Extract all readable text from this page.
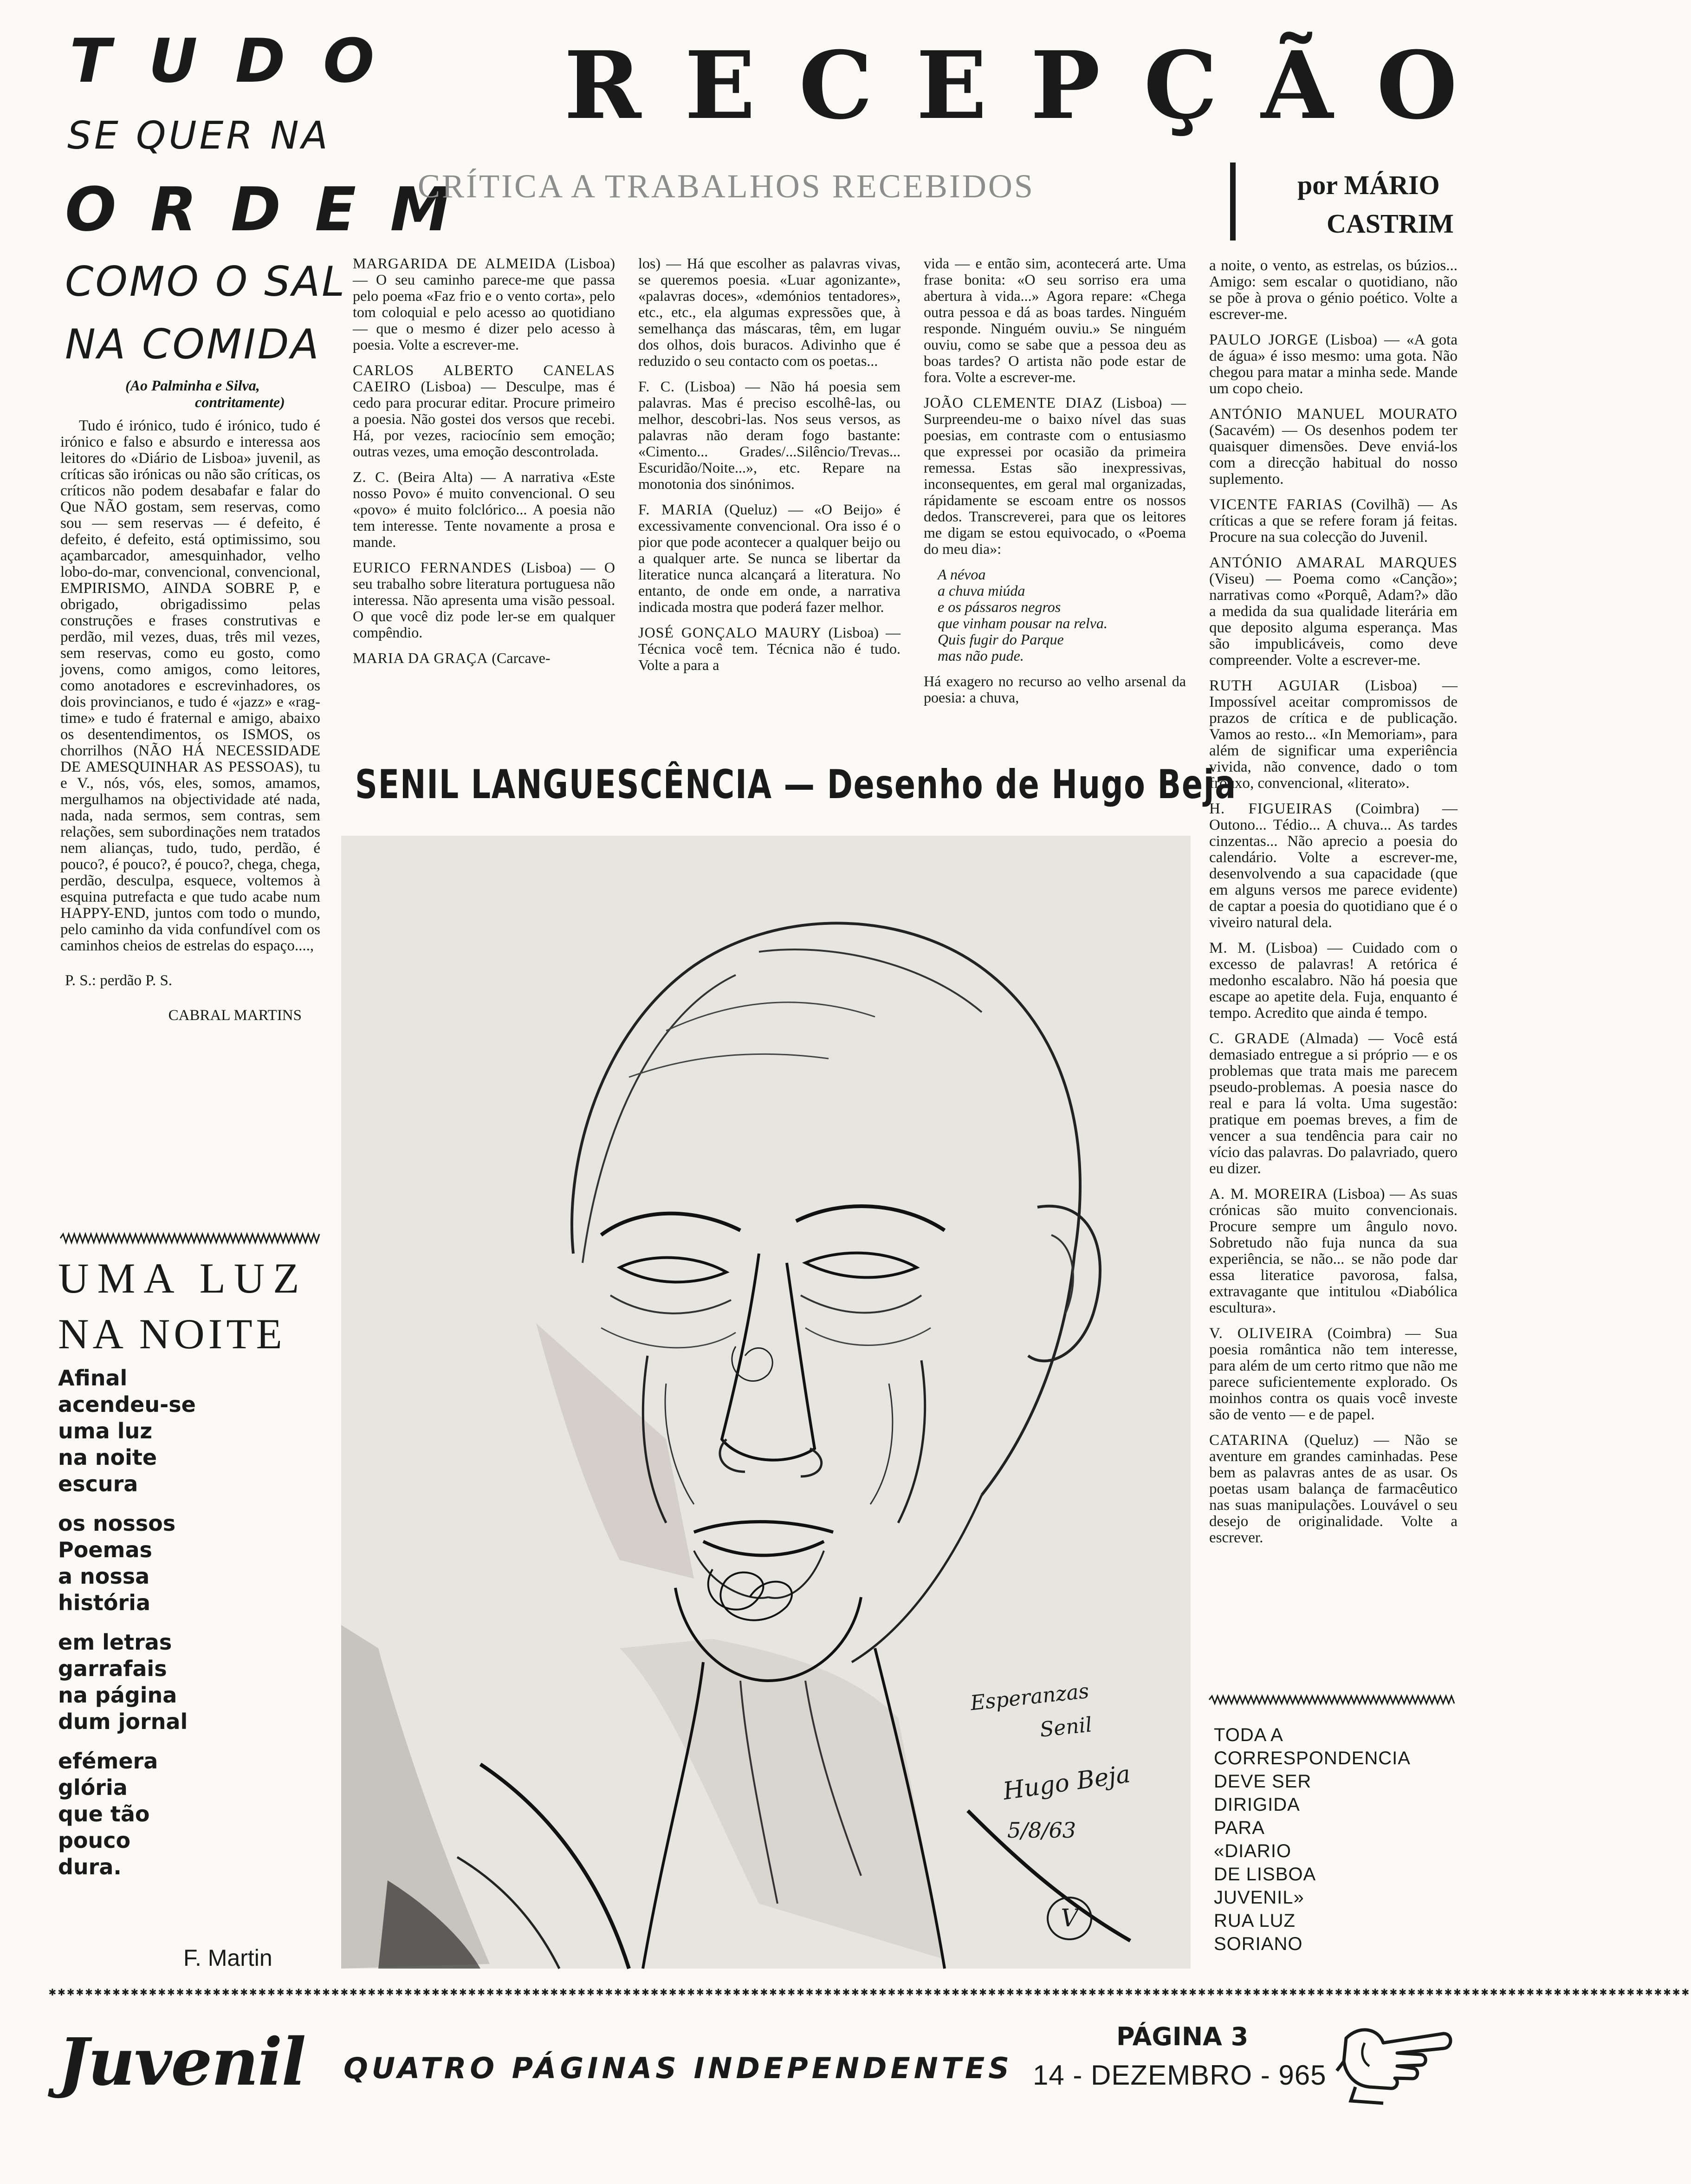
T U D O
SE QUER NA
O R D E M
COMO O SAL
NA COMIDA
(Ao Palminha e Silva,
contritamente)

Tudo é irónico, tudo é irónico, tudo é irónico e falso e absurdo e interessa aos leitores do «Diário de Lisboa» juvenil, as críticas são irónicas ou não são críticas, os críticos não podem desabafar e falar do Que NÃO gostam, sem reservas, como sou — sem reservas — é defeito, é defeito, é defeito, está optimissimo, sou açambarcador, amesquinhador, velho lobo-do-mar, convencional, convencional, EMPIRISMO, AINDA SOBRE P, e obrigado, obrigadissimo pelas construções e frases construtivas e perdão, mil vezes, duas, três mil vezes, sem reservas, como eu gosto, como jovens, como amigos, como leitores, como anotadores e escrevinhadores, os dois provincianos, e tudo é «jazz» e «rag-time» e tudo é fraternal e amigo, abaixo os desentendimentos, os ISMOS, os chorrilhos (NÃO HÁ NECESSIDADE DE AMESQUINHAR AS PESSOAS), tu e V., nós, vós, eles, somos, amamos, mergulhamos na objectividade até nada, nada, nada sermos, sem contras, sem relações, sem subordinações nem tratados nem alianças, tudo, tudo, perdão, é pouco?, é pouco?, é pouco?, chega, chega, perdão, desculpa, esquece, voltemos à esquina putrefacta e que tudo acabe num HAPPY-END, juntos com todo o mundo, pelo caminho da vida confundível com os caminhos cheios de estrelas do espaço....,

P. S.: perdão P. S.

CABRAL MARTINS

UMA LUZ
NA NOITE
Afinal
acendeu-se
uma luz
na noite
escura
os nossos
Poemas
a nossa
história
em letras
garrafais
na página
dum jornal
efémera
glória
que tão
pouco
dura.
F. Martin
R E C E P Ç Ã O
CRÍTICA A TRABALHOS RECEBIDOS	por MÁRIO
CASTRIM

MARGARIDA DE ALMEIDA (Lisboa) — O seu caminho parece-me que passa pelo poema «Faz frio e o vento corta», pelo tom coloquial e pelo acesso ao quotidiano — que o mesmo é dizer pelo acesso à poesia. Volte a escrever-me.

CARLOS ALBERTO CANELAS CAEIRO (Lisboa) — Desculpe, mas é cedo para procurar editar. Procure primeiro a poesia. Não gostei dos versos que recebi. Há, por vezes, raciocínio sem emoção; outras vezes, uma emoção descontrolada.

Z. C. (Beira Alta) — A narrativa «Este nosso Povo» é muito convencional. O seu «povo» é muito folclórico... A poesia não tem interesse. Tente novamente a prosa e mande.

EURICO FERNANDES (Lisboa) — O seu trabalho sobre literatura portuguesa não interessa. Não apresenta uma visão pessoal. O que você diz pode ler-se em qualquer compêndio.

MARIA DA GRAÇA (Carcave-

los) — Há que escolher as palavras vivas, se queremos poesia. «Luar agonizante», «palavras doces», «demónios tentadores», etc., etc., ela algumas expressões que, à semelhança das máscaras, têm, em lugar dos olhos, dois buracos. Adivinho que é reduzido o seu contacto com os poetas...

F. C. (Lisboa) — Não há poesia sem palavras. Mas é preciso escolhê-las, ou melhor, descobri-las. Nos seus versos, as palavras não deram fogo bastante: «Cimento... Grades/...Silêncio/Trevas... Escuridão/Noite...», etc. Repare na monotonia dos sinónimos.

F. MARIA (Queluz) — «O Beijo» é excessivamente convencional. Ora isso é o pior que pode acontecer a qualquer beijo ou a qualquer arte. Se nunca se libertar da literatice nunca alcançará a literatura. No entanto, de onde em onde, a narrativa indicada mostra que poderá fazer melhor.

JOSÉ GONÇALO MAURY (Lisboa) — Técnica você tem. Técnica não é tudo. Volte a para a

vida — e então sim, acontecerá arte. Uma frase bonita: «O seu sorriso era uma abertura à vida...» Agora repare: «Chega outra pessoa e dá as boas tardes. Ninguém responde. Ninguém ouviu.» Se ninguém ouviu, como se sabe que a pessoa deu as boas tardes? O artista não pode estar de fora. Volte a escrever-me.

JOÃO CLEMENTE DIAZ (Lisboa) — Surpreendeu-me o baixo nível das suas poesias, em contraste com o entusiasmo que expressei por ocasião da primeira remessa. Estas são inexpressivas, inconsequentes, em geral mal organizadas, rápidamente se escoam entre os nossos dedos. Transcreverei, para que os leitores me digam se estou equivocado, o «Poema do meu dia»:

A névoa
a chuva miúda
e os pássaros negros
que vinham pousar na relva.
Quis fugir do Parque
mas não pude.

Há exagero no recurso ao velho arsenal da poesia: a chuva,

a noite, o vento, as estrelas, os búzios... Amigo: sem escalar o quotidiano, não se põe à prova o génio poético. Volte a escrever-me.

PAULO JORGE (Lisboa) — «A gota de água» é isso mesmo: uma gota. Não chegou para matar a minha sede. Mande um copo cheio.

ANTÓNIO MANUEL MOURATO (Sacavém) — Os desenhos podem ter quaisquer dimensões. Deve enviá-los com a direcção habitual do nosso suplemento.

VICENTE FARIAS (Covilhã) — As críticas a que se refere foram já feitas. Procure na sua colecção do Juvenil.

ANTÓNIO AMARAL MARQUES (Viseu) — Poema como «Canção»; narrativas como «Porquê, Adam?» dão a medida da sua qualidade literária em que deposito alguma esperança. Mas são impublicáveis, como deve compreender. Volte a escrever-me.

RUTH AGUIAR (Lisboa) — Impossível aceitar compromissos de prazos de crítica e de publicação. Vamos ao resto... «In Memoriam», para além de significar uma experiência vivida, não convence, dado o tom frouxo, convencional, «literato».

H. FIGUEIRAS (Coimbra) — Outono... Tédio... A chuva... As tardes cinzentas... Não aprecio a poesia do calendário. Volte a escrever-me, desenvolvendo a sua capacidade (que em alguns versos me parece evidente) de captar a poesia do quotidiano que é o viveiro natural dela.

M. M. (Lisboa) — Cuidado com o excesso de palavras! A retórica é medonho escalabro. Não há poesia que escape ao apetite dela. Fuja, enquanto é tempo. Acredito que ainda é tempo.

C. GRADE (Almada) — Você está demasiado entregue a si próprio — e os problemas que trata mais me parecem pseudo-problemas. A poesia nasce do real e para lá volta. Uma sugestão: pratique em poemas breves, a fim de vencer a sua tendência para cair no vício das palavras. Do palavriado, quero eu dizer.

A. M. MOREIRA (Lisboa) — As suas crónicas são muito convencionais. Procure sempre um ângulo novo. Sobretudo não fuja nunca da sua experiência, se não... se não pode dar essa literatice pavorosa, falsa, extravagante que intitulou «Diabólica escultura».

V. OLIVEIRA (Coimbra) — Sua poesia romântica não tem interesse, para além de um certo ritmo que não me parece suficientemente explorado. Os moinhos contra os quais você investe são de vento — e de papel.

CATARINA (Queluz) — Não se aventure em grandes caminhadas. Pese bem as palavras antes de as usar. Os poetas usam balança de farmacêutico nas suas manipulações. Louvável o seu desejo de originalidade. Volte a escrever.

TODA A
CORRESPONDENCIA
DEVE SER
DIRIGIDA
PARA
«DIARIO
DE LISBOA
JUVENIL»
RUA LUZ
SORIANO
SENIL LANGUESCÊNCIA — Desenho de Hugo Beja
Esperanzas
Senil
Hugo Beja
5/8/63
V
✱✱✱✱✱✱✱✱✱✱✱✱✱✱✱✱✱✱✱✱✱✱✱✱✱✱✱✱✱✱✱✱✱✱✱✱✱✱✱✱✱✱✱✱✱✱✱✱✱✱✱✱✱✱✱✱✱✱✱✱✱✱✱✱✱✱✱✱✱✱✱✱✱✱✱✱✱✱✱✱✱✱✱✱✱✱✱✱✱✱✱✱✱✱✱✱✱✱✱✱✱✱✱✱✱✱✱✱✱✱✱✱✱✱✱✱✱✱✱✱✱✱✱✱✱✱✱✱✱✱✱✱✱✱✱✱✱✱✱✱✱✱✱✱✱✱✱✱✱✱✱✱✱✱✱✱✱✱✱✱✱✱✱✱✱✱✱✱✱✱✱✱✱✱✱✱✱✱✱✱
Juvenil QUATRO PÁGINAS INDEPENDENTES
PÁGINA 3
14 - DEZEMBRO - 965
